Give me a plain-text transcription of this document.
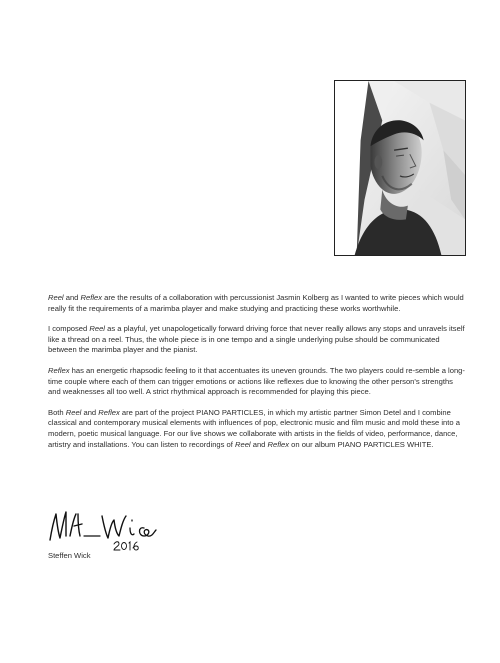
Reel and Reflex are the results of a collaboration with percussionist Jasmin Kolberg as I wanted to write pieces which would really fit the requirements of a marimba player and make studying and practicing these works worthwhile.

I composed Reel as a playful, yet unapologetically forward driving force that never really allows any stops and unravels itself like a thread on a reel. Thus, the whole piece is in one tempo and a single underlying pulse should be communicated between the marimba player and the pianist.

Reflex has an energetic rhapsodic feeling to it that accentuates its uneven grounds. The two players could re-semble a long-time couple where each of them can trigger emotions or actions like reflexes due to knowing the other person's strengths and weaknesses all too well. A strict rhythmical approach is recommended for playing this piece.

Both Reel and Reflex are part of the project PIANO PARTICLES, in which my artistic partner Simon Detel and I combine classical and contemporary musical elements with influences of pop, electronic music and film music and mold these into a modern, poetic musical language. For our live shows we collaborate with artists in the fields of video, performance, dance, artistry and installations. You can listen to recordings of Reel and Reflex on our album PIANO PARTICLES WHITE.

Steffen Wick
